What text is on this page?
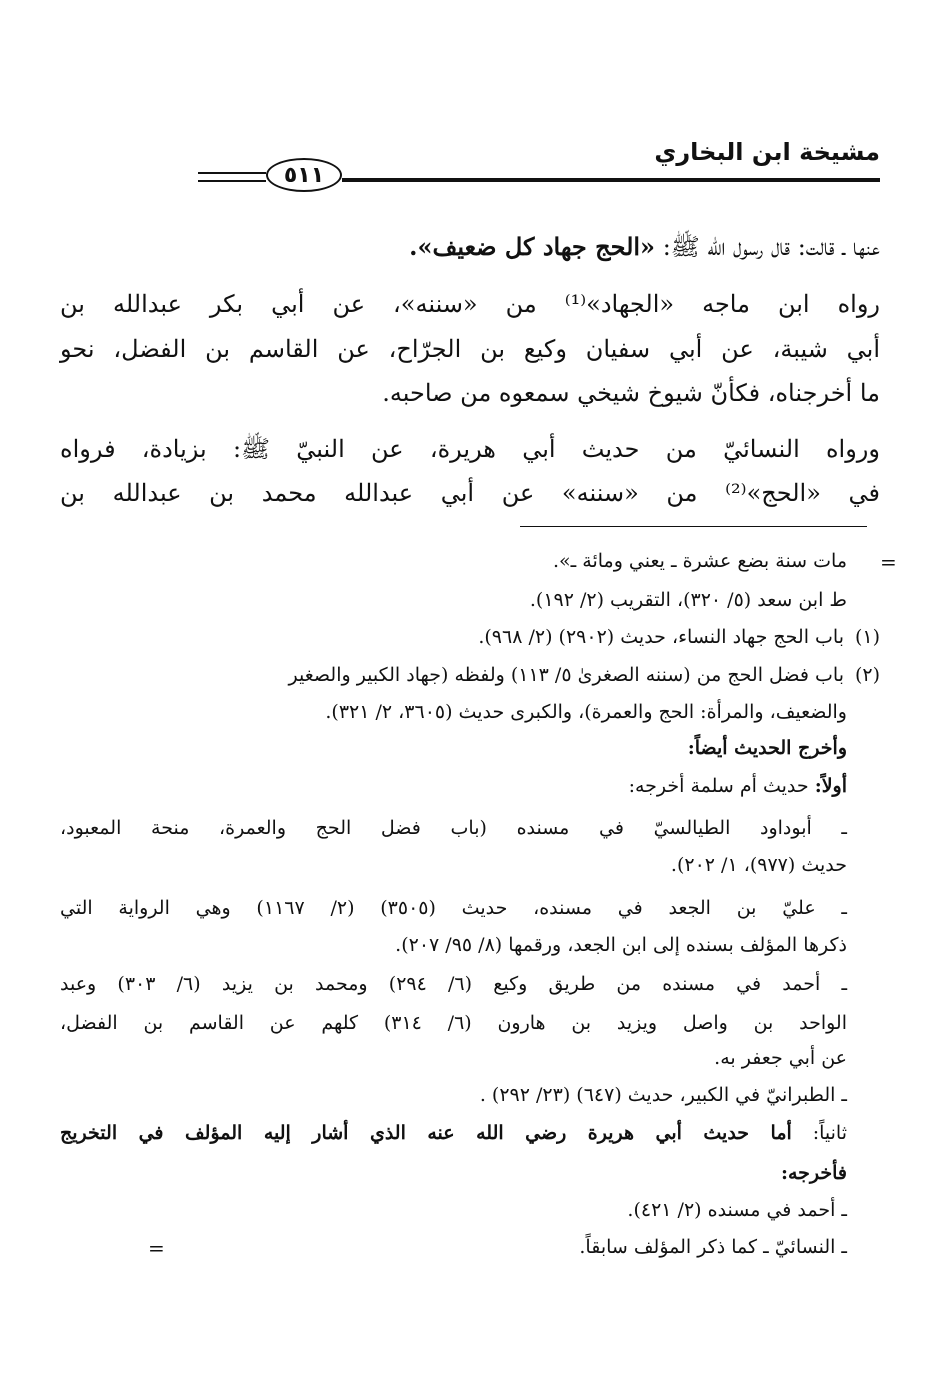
مشيخة ابن البخاري
٥١١
عنها ـ قالت: قال رسول الله ﷺ: «الحج جهاد كل ضعيف».
رواه ابن ماجه «الجهاد»⁽¹⁾ من «سننه»، عن أبي بكر عبدالله بن
أبي شيبة، عن أبي سفيان وكيع بن الجرّاح، عن القاسم بن الفضل، نحو
ما أخرجناه، فكأنّ شيوخ شيخي سمعوه من صاحبه.
ورواه النسائيّ من حديث أبي هريرة، عن النبيّ ﷺ: بزيادة، فرواه
في «الحج»⁽²⁾ من «سننه» عن أبي عبدالله محمد بن عبدالله بن
=
مات سنة بضع عشرة ـ يعني ومائة ـ».
ط ابن سعد (٥/ ٣٢٠)، التقريب (٢/ ١٩٢).
(١)باب الحج جهاد النساء، حديث (٢٩٠٢) (٢/ ٩٦٨).
(٢)باب فضل الحج من (سننه الصغرىٰ ٥/ ١١٣) ولفظه (جهاد الكبير والصغير
والضعيف، والمرأة: الحج والعمرة)، والكبرى حديث (٣٦٠٥، ٢/ ٣٢١).
وأخرج الحديث أيضاً:
أولاً: حديث أم سلمة أخرجه:
ـ أبوداود الطيالسيّ في مسنده (باب فضل الحج والعمرة، منحة المعبود،
حديث (٩٧٧)، ١/ ٢٠٢).
ـ عليّ بن الجعد في مسنده، حديث (٣٥٠٥) (٢/ ١١٦٧) وهي الرواية التي
ذكرها المؤلف بسنده إلى ابن الجعد، ورقمها (٨/ ٩٥/ ٢٠٧).
ـ أحمد في مسنده من طريق وكيع (٦/ ٢٩٤) ومحمد بن يزيد (٦/ ٣٠٣) وعبد
الواحد بن واصل ويزيد بن هارون (٦/ ٣١٤) كلهم عن القاسم بن الفضل،
عن أبي جعفر به.
ـ الطبرانيّ في الكبير، حديث (٦٤٧) (٢٣/ ٢٩٢) .
ثانياً: أما حديث أبي هريرة رضي الله عنه الذي أشار إليه المؤلف في التخريج
فأخرجه:
ـ أحمد في مسنده (٢/ ٤٢١).
ـ النسائيّ ـ كما ذكر المؤلف سابقاً.
=
